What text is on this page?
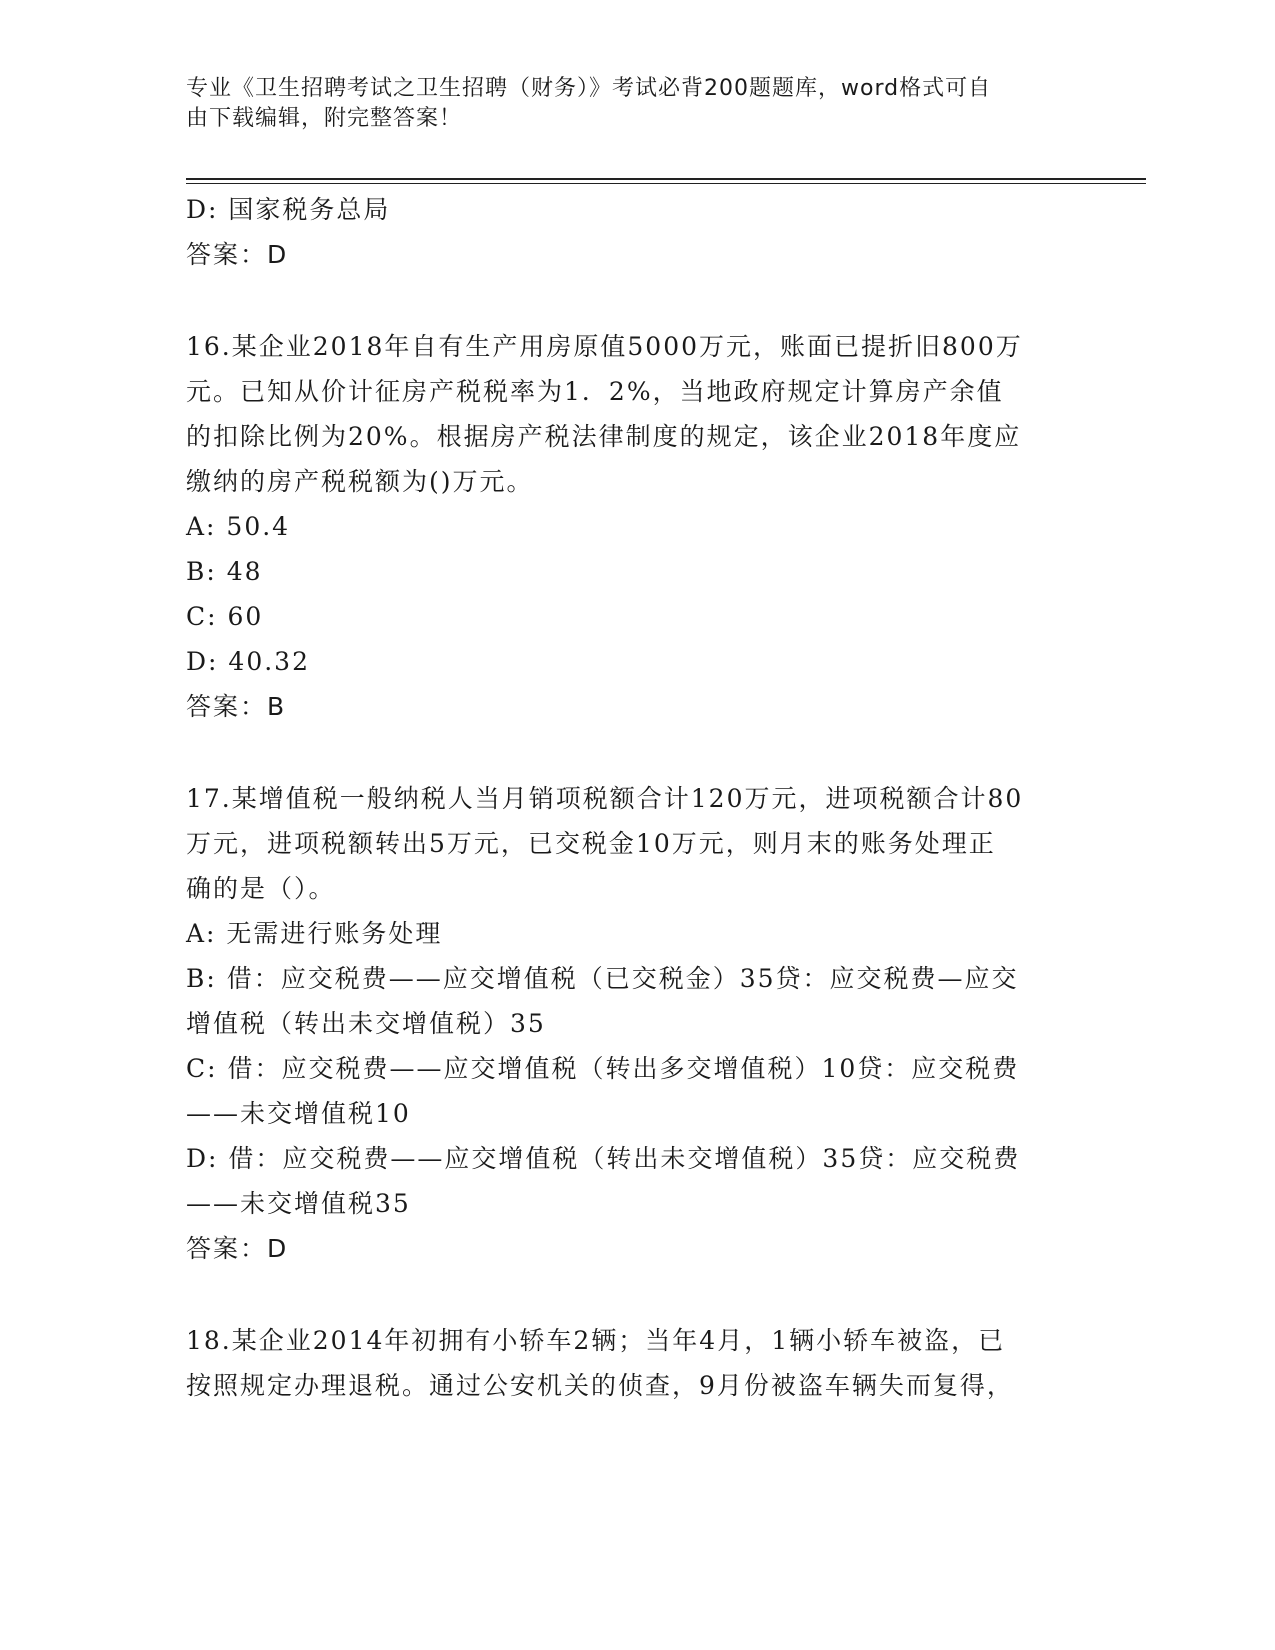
专业《卫生招聘考试之卫生招聘（财务）》考试必背200题题库，word格式可自
由下载编辑，附完整答案！
D: 国家税务总局
答案：D
16.某企业2018年自有生产用房原值5000万元，账面已提折旧800万
元。已知从价计征房产税税率为1．2%，当地政府规定计算房产余值
的扣除比例为20%。根据房产税法律制度的规定，该企业2018年度应
缴纳的房产税税额为()万元。
A: 50.4
B: 48
C: 60
D: 40.32
答案：B
17.某增值税一般纳税人当月销项税额合计120万元，进项税额合计80
万元，进项税额转出5万元，已交税金10万元，则月末的账务处理正
确的是（）。
A: 无需进行账务处理
B: 借：应交税费——应交增值税（已交税金）35贷：应交税费—应交
增值税（转出未交增值税）35
C: 借：应交税费——应交增值税（转出多交增值税）10贷：应交税费
——未交增值税10
D: 借：应交税费——应交增值税（转出未交增值税）35贷：应交税费
——未交增值税35
答案：D
18.某企业2014年初拥有小轿车2辆；当年4月，1辆小轿车被盗，已
按照规定办理退税。通过公安机关的侦查，9月份被盗车辆失而复得，
